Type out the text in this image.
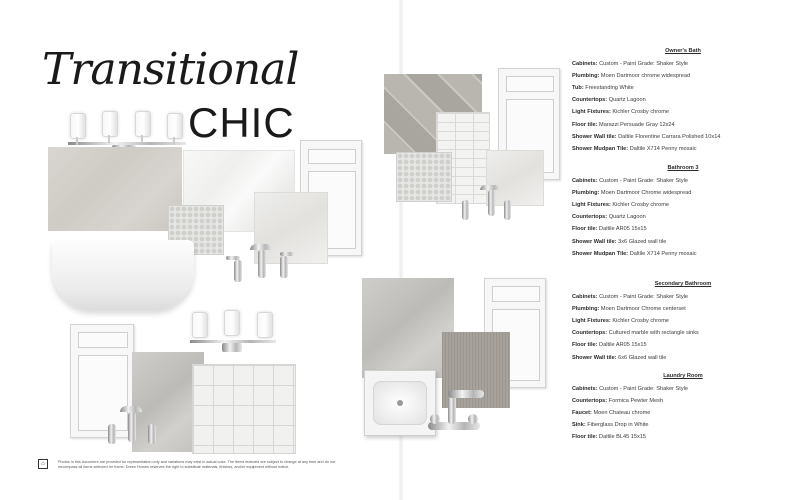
Transitional
CHIC
⌂	Photos in this document are provided for representation only and variations may exist in actual color. The items featured are subject to change at any time and do not encompass all items selected for home. Drees Homes reserves the right to substitute materials, finishes, and/or equipment without notice.
Owner's Bath
Cabinets: Custom - Paint Grade: Shaker Style
Plumbing: Moen Dartmoor chrome widespread
Tub: Freestanding White
Countertops: Quartz Lagoon
Light Fixtures: Kichler Crosby chrome
Floor tile: Marazzi Persuade Gray 12x24
Shower Wall tile: Daltile Florentine Carrara Polished 10x14
Shower Mudpan Tile: Daltile X714 Penny mosaic
Bathroom 3
Cabinets: Custom - Paint Grade: Shaker Style
Plumbing: Moen Dartmoor Chrome widespread
Light Fixtures: Kichler Crosby chrome
Countertops: Quartz Lagoon
Floor tile: Daltile AR05 15x15
Shower Wall tile: 3x6 Glazed wall tile
Shower Mudpan Tile: Daltile X714 Penny mosaic
Secondary Bathroom
Cabinets: Custom - Paint Grade: Shaker Style
Plumbing: Moen Dartmoor Chrome centerset
Light Fixtures: Kichler Crosby chrome
Countertops: Cultured marble with rectangle sinks
Floor tile: Daltile AR05 15x15
Shower Wall tile: 6x6 Glazed wall tile
Laundry Room
Cabinets: Custom - Paint Grade: Shaker Style
Countertops: Formica Pewter Mesh
Faucet: Moen Chateau chrome
Sink: Fiberglass Drop in White
Floor tile: Daltile BL45 15x15
